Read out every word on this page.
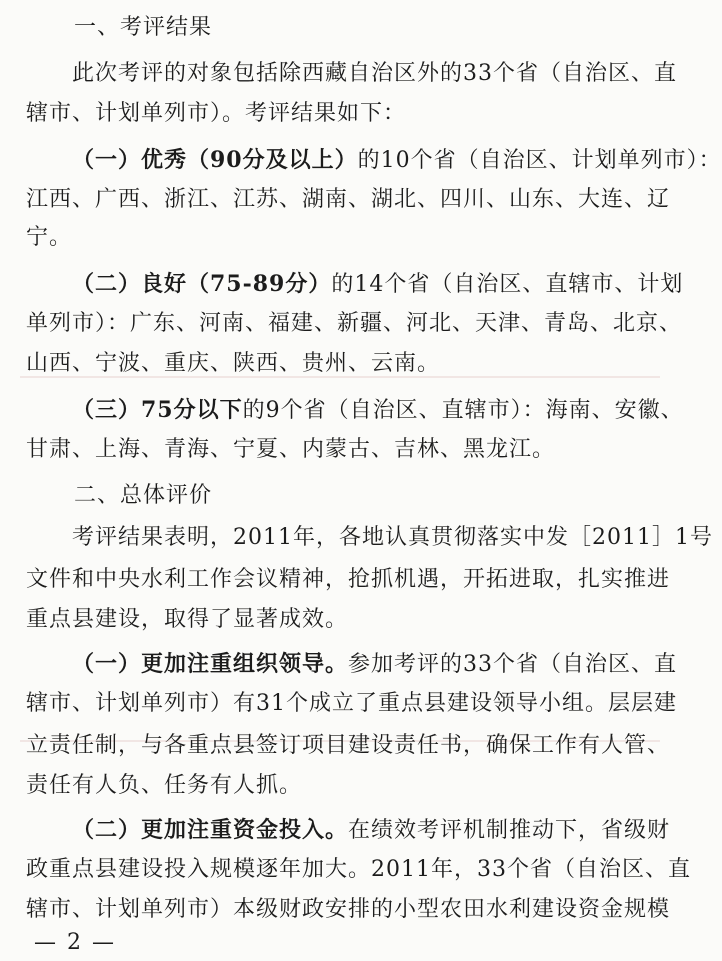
一、考评结果
此次考评的对象包括除西藏自治区外的33个省（自治区、直
辖市、计划单列市）。考评结果如下：
（一）优秀（90分及以上）的10个省（自治区、计划单列市）：
江西、广西、浙江、江苏、湖南、湖北、四川、山东、大连、辽
宁。
（二）良好（75-89分）的14个省（自治区、直辖市、计划
单列市）：广东、河南、福建、新疆、河北、天津、青岛、北京、
山西、宁波、重庆、陕西、贵州、云南。
（三）75分以下的9个省（自治区、直辖市）：海南、安徽、
甘肃、上海、青海、宁夏、内蒙古、吉林、黑龙江。
二、总体评价
考评结果表明，2011年，各地认真贯彻落实中发［2011］1号
文件和中央水利工作会议精神，抢抓机遇，开拓进取，扎实推进
重点县建设，取得了显著成效。
（一）更加注重组织领导。参加考评的33个省（自治区、直
辖市、计划单列市）有31个成立了重点县建设领导小组。层层建
立责任制，与各重点县签订项目建设责任书，确保工作有人管、
责任有人负、任务有人抓。
（二）更加注重资金投入。在绩效考评机制推动下，省级财
政重点县建设投入规模逐年加大。2011年，33个省（自治区、直
辖市、计划单列市）本级财政安排的小型农田水利建设资金规模
— 2 —
